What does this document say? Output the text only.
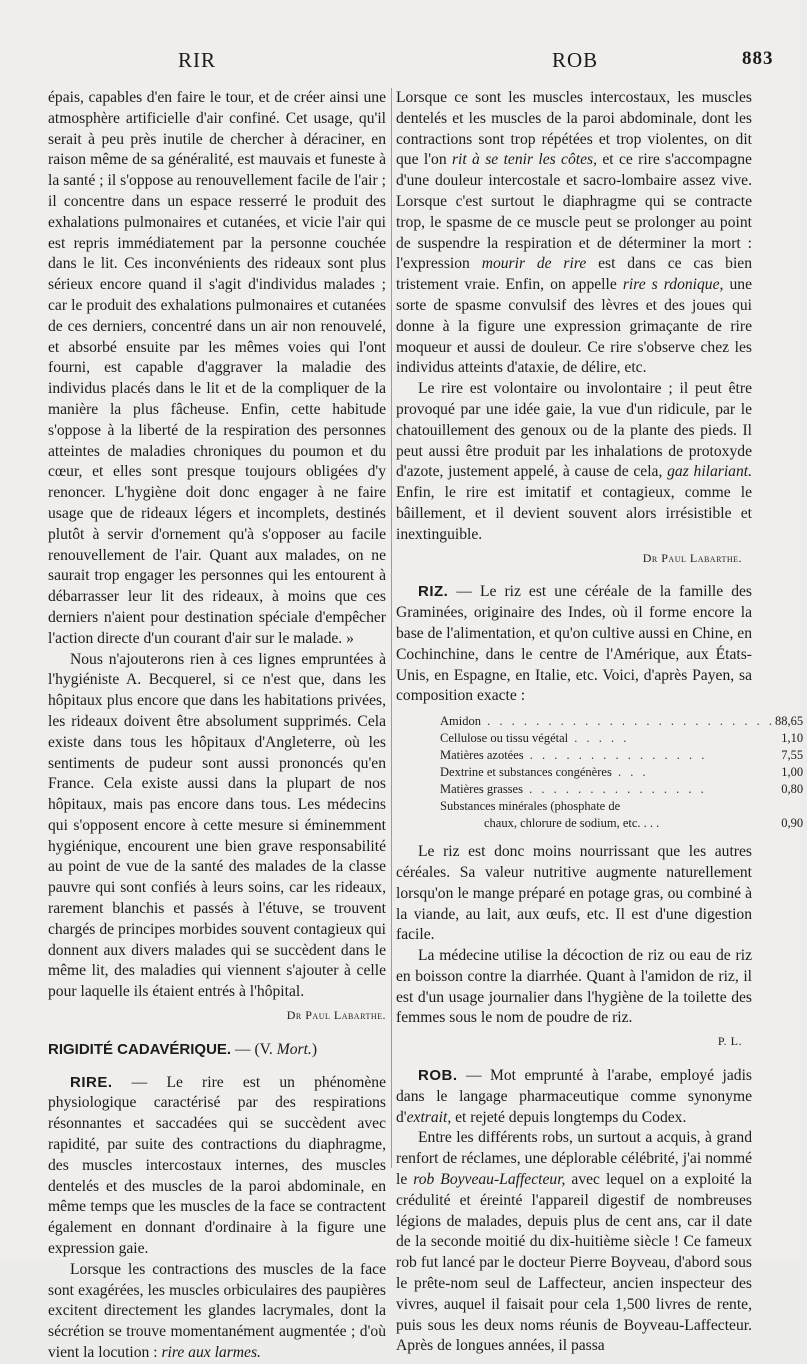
RIR	ROB	883

épais, capables d'en faire le tour, et de créer ainsi une atmosphère artificielle d'air confiné. Cet usage, qu'il serait à peu près inutile de chercher à déraciner, en raison même de sa généralité, est mauvais et funeste à la santé ; il s'oppose au renouvellement facile de l'air ; il concentre dans un espace resserré le produit des exhalations pulmonaires et cutanées, et vicie l'air qui est repris immédiatement par la personne couchée dans le lit. Ces inconvénients des rideaux sont plus sérieux encore quand il s'agit d'individus malades ; car le produit des exhalations pulmonaires et cutanées de ces derniers, concentré dans un air non renouvelé, et absorbé ensuite par les mêmes voies qui l'ont fourni, est capable d'aggraver la maladie des individus placés dans le lit et de la compliquer de la manière la plus fâcheuse. Enfin, cette habitude s'oppose à la liberté de la respiration des personnes atteintes de maladies chroniques du poumon et du cœur, et elles sont presque toujours obligées d'y renoncer. L'hygiène doit donc engager à ne faire usage que de rideaux légers et incomplets, destinés plutôt à servir d'ornement qu'à s'opposer au facile renouvellement de l'air. Quant aux malades, on ne saurait trop engager les personnes qui les entourent à débarrasser leur lit des rideaux, à moins que ces derniers n'aient pour destination spéciale d'empêcher l'action directe d'un courant d'air sur le malade. »

Nous n'ajouterons rien à ces lignes empruntées à l'hygiéniste A. Becquerel, si ce n'est que, dans les hôpitaux plus encore que dans les habitations privées, les rideaux doivent être absolument supprimés. Cela existe dans tous les hôpitaux d'Angleterre, où les sentiments de pudeur sont aussi prononcés qu'en France. Cela existe aussi dans la plupart de nos hôpitaux, mais pas encore dans tous. Les médecins qui s'opposent encore à cette mesure si éminemment hygiénique, encourent une bien grave responsabilité au point de vue de la santé des malades de la classe pauvre qui sont confiés à leurs soins, car les rideaux, rarement blanchis et passés à l'étuve, se trouvent chargés de principes morbides souvent contagieux qui donnent aux divers malades qui se succèdent dans le même lit, des maladies qui viennent s'ajouter à celle pour laquelle ils étaient entrés à l'hôpital.

Dr Paul Labarthe.

RIGIDITÉ CADAVÉRIQUE. — (V. Mort.)

RIRE. — Le rire est un phénomène physiologique caractérisé par des respirations résonnantes et saccadées qui se succèdent avec rapidité, par suite des contractions du diaphragme, des muscles intercostaux internes, des muscles dentelés et des muscles de la paroi abdominale, en même temps que les muscles de la face se contractent également en donnant d'ordinaire à la figure une expression gaie.

Lorsque les contractions des muscles de la face sont exagérées, les muscles orbiculaires des paupières excitent directement les glandes lacrymales, dont la sécrétion se trouve momentanément augmentée ; d'où vient la locution : rire aux larmes.

Lorsque ce sont les muscles intercostaux, les muscles dentelés et les muscles de la paroi abdominale, dont les contractions sont trop répétées et trop violentes, on dit que l'on rit à se tenir les côtes, et ce rire s'accompagne d'une douleur intercostale et sacro-lombaire assez vive. Lorsque c'est surtout le diaphragme qui se contracte trop, le spasme de ce muscle peut se prolonger au point de suspendre la respiration et de déterminer la mort : l'expression mourir de rire est dans ce cas bien tristement vraie. Enfin, on appelle rire s rdonique, une sorte de spasme convulsif des lèvres et des joues qui donne à la figure une expression grimaçante de rire moqueur et aussi de douleur. Ce rire s'observe chez les individus atteints d'ataxie, de délire, etc.

Le rire est volontaire ou involontaire ; il peut être provoqué par une idée gaie, la vue d'un ridicule, par le chatouillement des genoux ou de la plante des pieds. Il peut aussi être produit par les inhalations de protoxyde d'azote, justement appelé, à cause de cela, gaz hilariant. Enfin, le rire est imitatif et contagieux, comme le bâillement, et il devient souvent alors irrésistible et inextinguible.

Dr Paul Labarthe.

RIZ. — Le riz est une céréale de la famille des Graminées, originaire des Indes, où il forme encore la base de l'alimentation, et qu'on cultive aussi en Chine, en Cochinchine, dans le centre de l'Amérique, aux États-Unis, en Espagne, en Italie, etc. Voici, d'après Payen, sa composition exacte :

Amidon . . . . . . . . . . . . . . . . . . . . . . . .	88,65
Cellulose ou tissu végétal . . . . .	1,10
Matières azotées . . . . . . . . . . . . . . .	7,55
Dextrine et substances congénères . . .	1,00
Matières grasses . . . . . . . . . . . . . . .	0,80
Substances minérales (phosphate de	
chaux, chlorure de sodium, etc. . . .	0,90

Le riz est donc moins nourrissant que les autres céréales. Sa valeur nutritive augmente naturellement lorsqu'on le mange préparé en potage gras, ou combiné à la viande, au lait, aux œufs, etc. Il est d'une digestion facile.

La médecine utilise la décoction de riz ou eau de riz en boisson contre la diarrhée. Quant à l'amidon de riz, il est d'un usage journalier dans l'hygiène de la toilette des femmes sous le nom de poudre de riz.

P. L.

ROB. — Mot emprunté à l'arabe, employé jadis dans le langage pharmaceutique comme synonyme d'extrait, et rejeté depuis longtemps du Codex.

Entre les différents robs, un surtout a acquis, à grand renfort de réclames, une déplorable célébrité, j'ai nommé le rob Boyveau-Laffecteur, avec lequel on a exploité la crédulité et éreinté l'appareil digestif de nombreuses légions de malades, depuis plus de cent ans, car il date de la seconde moitié du dix-huitième siècle ! Ce fameux rob fut lancé par le docteur Pierre Boyveau, d'abord sous le prête-nom seul de Laffecteur, ancien inspecteur des vivres, auquel il faisait pour cela 1,500 livres de rente, puis sous les deux noms réunis de Boyveau-Laffecteur. Après de longues années, il passa
